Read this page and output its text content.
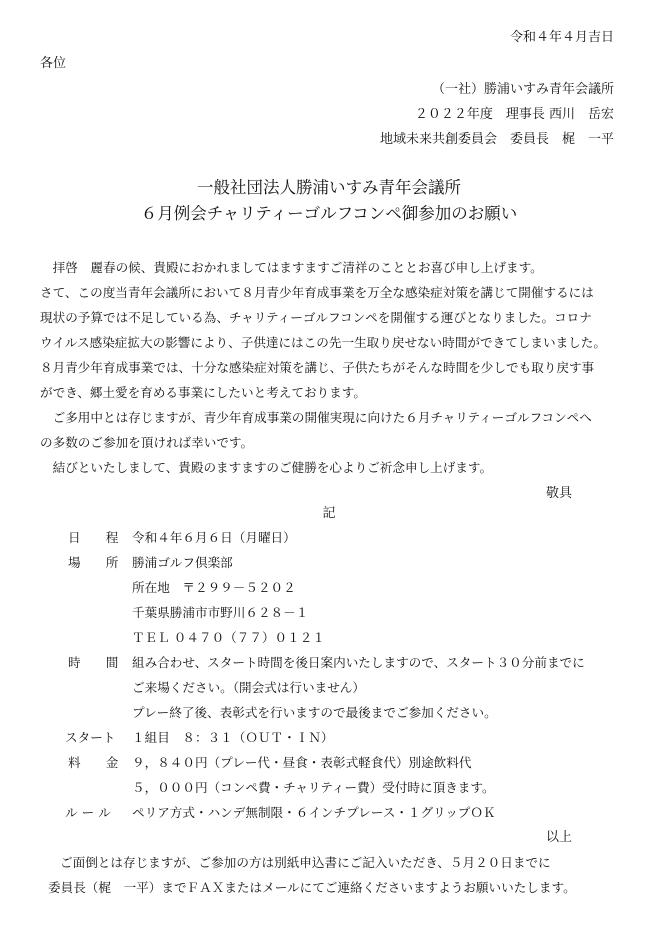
令和４年４月吉日
各位
（一社）勝浦いすみ青年会議所
２０２２年度　理事長 西川　岳宏
地域未来共創委員会　委員長　梶　一平
一般社団法人勝浦いすみ青年会議所
６月例会チャリティーゴルフコンペ御参加のお願い
　拝啓　麗春の候、貴殿におかれましてはますますご清祥のこととお喜び申し上げます。
さて、この度当青年会議所において８月青少年育成事業を万全な感染症対策を講じて開催するには
現状の予算では不足している為、チャリティーゴルフコンペを開催する運びとなりました。コロナ
ウイルス感染症拡大の影響により、子供達にはこの先一生取り戻せない時間ができてしまいました。
８月青少年育成事業では、十分な感染症対策を講じ、子供たちがそんな時間を少しでも取り戻す事
ができ、郷土愛を育める事業にしたいと考えております。
　ご多用中とは存じますが、青少年育成事業の開催実現に向けた６月チャリティーゴルフコンペへ
の多数のご参加を頂ければ幸いです。
　結びといたしまして、貴殿のますますのご健勝を心よりご祈念申し上げます。
敬具
記
日　　程 令和４年６月６日（月曜日）
場　　所 勝浦ゴルフ倶楽部
所在地　〒２９９－５２０２
千葉県勝浦市市野川６２８－１
ＴＥＬ ０４７０（７７）０１２１
時　　間 組み合わせ、スタート時間を後日案内いたしますので、スタート３０分前までに
ご来場ください。（開会式は行いません）
プレー終了後、表彰式を行いますので最後までご参加ください。
スタート １組目　８：３１（ＯＵＴ・ＩＮ）
料　　金 ９，８４０円（プレー代・昼食・表彰式軽食代）別途飲料代
５，０００円（コンペ費・チャリティー費）受付時に頂きます。
ル ー ル ペリア方式・ハンデ無制限・６インチプレース・１グリップＯＫ
以上
ご面倒とは存じますが、ご参加の方は別紙申込書にご記入いただき、５月２０日までに
委員長（梶　一平）までＦＡＸまたはメールにてご連絡くださいますようお願いいたします。
